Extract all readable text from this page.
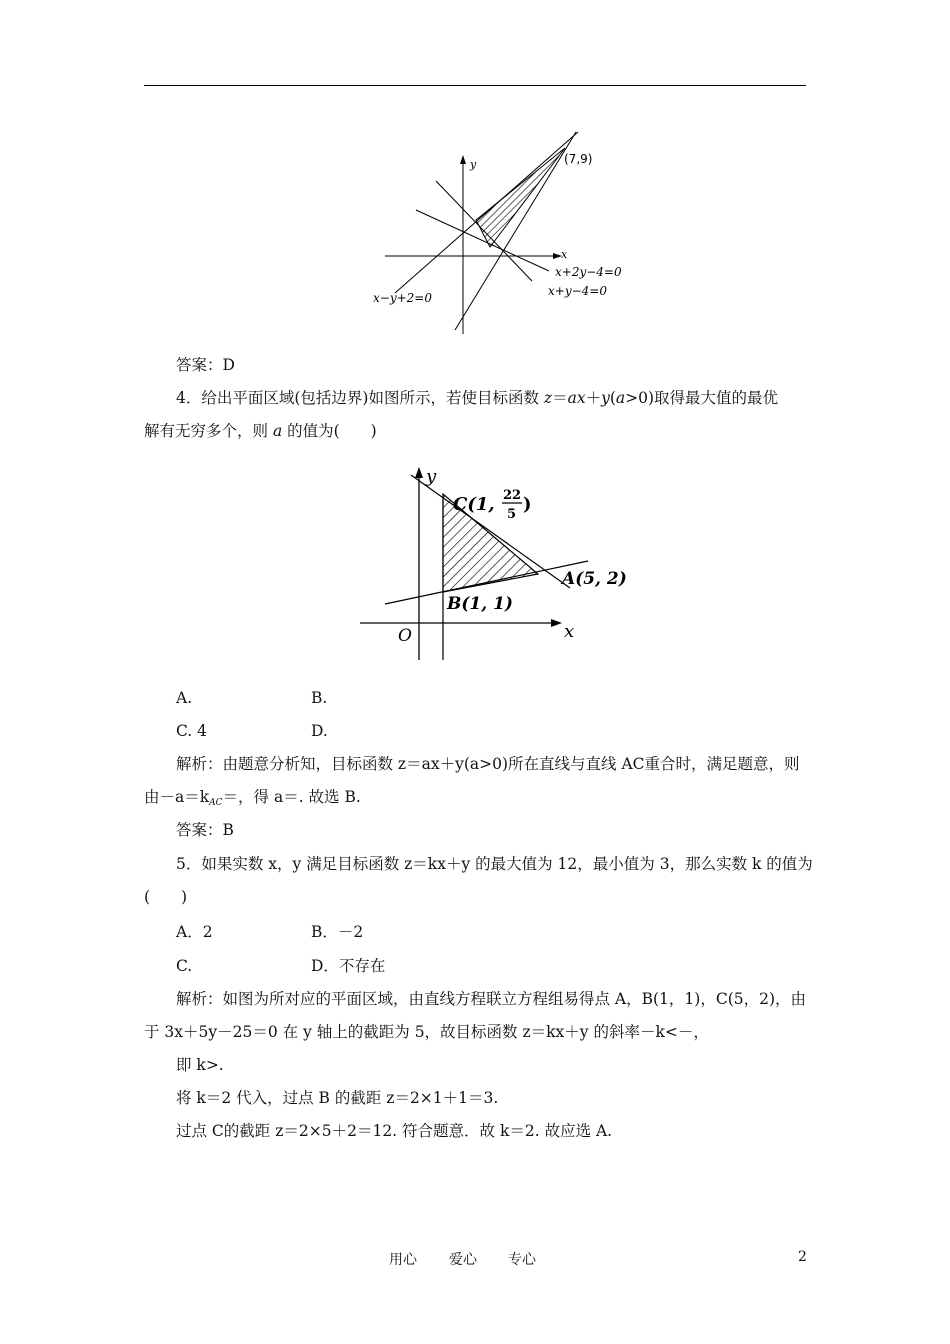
y
x
(7,9)
x+2y−4=0
x+y−4=0
x−y+2=0
答案：D
4．给出平面区域(包括边界)如图所示，若使目标函数 z＝ax＋y(a>0)取得最大值的最优
解有无穷多个，则 a 的值为(　　)
y
x
O
C(1, 22
5 )
A(5, 2)
B(1, 1)
A.	B.
C. 4	D.
解析：由题意分析知，目标函数 z＝ax＋y(a>0)所在直线与直线 AC重合时，满足题意，则
由$-a=k_{AC}=$，得 a＝. 故选 B.
答案：B
5．如果实数 x，y 满足目标函数 z＝kx＋y 的最大值为 12，最小值为 3，那么实数 k 的值为
(　　)
A．2	B．－2
C.	D．不存在
解析：如图为所对应的平面区域，由直线方程联立方程组易得点 A，B(1，1)，C(5，2)，由
于 3x＋5y－25＝0 在 y 轴上的截距为 5，故目标函数 z＝kx＋y 的斜率－k<－，
即 k>.
将 k＝2 代入，过点 B 的截距 z＝2×1＋1＝3.
过点 C的截距 z＝2×5＋2＝12. 符合题意．故 k＝2. 故应选 A.
用心 爱心 专心	2
